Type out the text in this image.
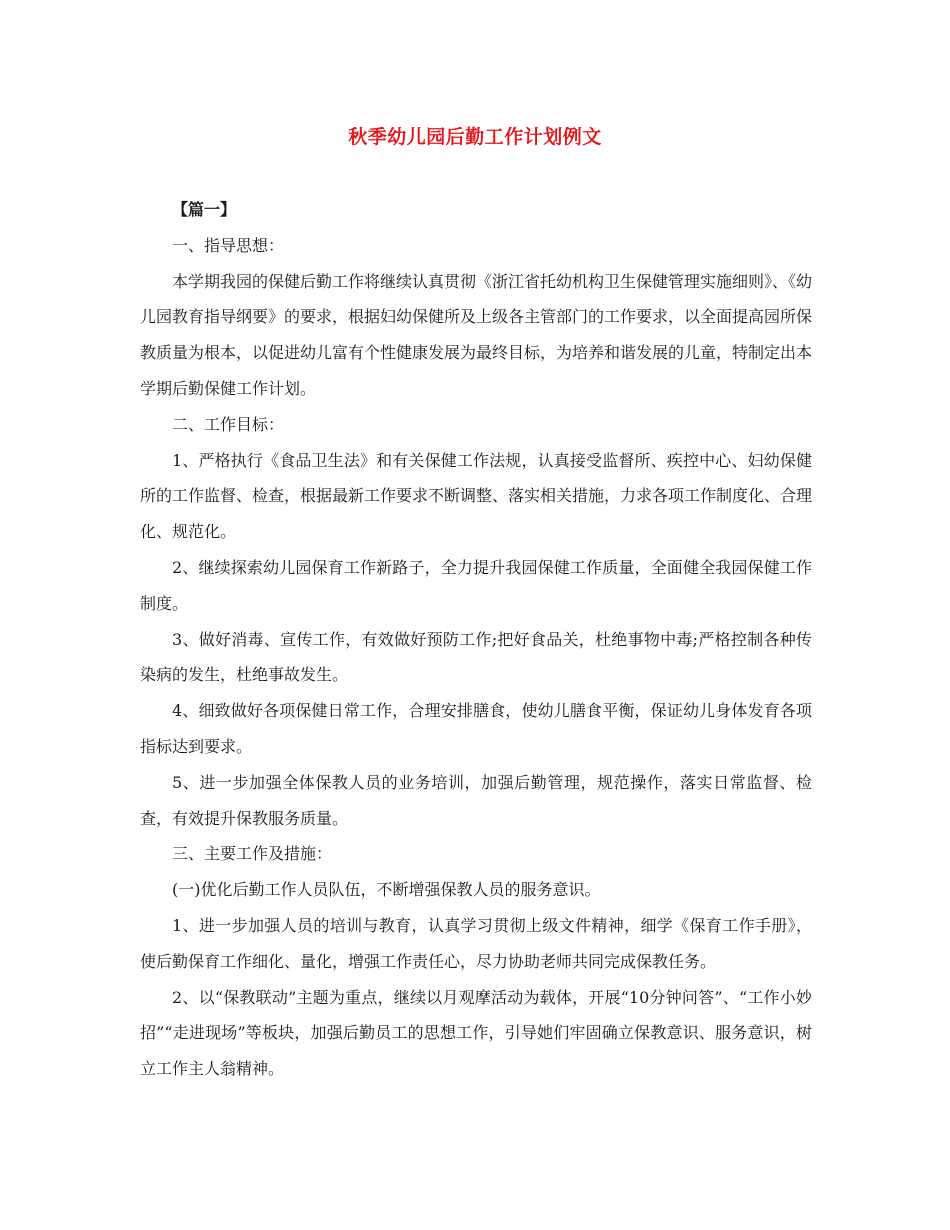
秋季幼儿园后勤工作计划例文

【篇一】

一、指导思想：

本学期我园的保健后勤工作将继续认真贯彻《浙江省托幼机构卫生保健管理实施细则》、《幼儿园教育指导纲要》的要求，根据妇幼保健所及上级各主管部门的工作要求，以全面提高园所保教质量为根本，以促进幼儿富有个性健康发展为最终目标，为培养和谐发展的儿童，特制定出本学期后勤保健工作计划。

二、工作目标：

1、严格执行《食品卫生法》和有关保健工作法规，认真接受监督所、疾控中心、妇幼保健所的工作监督、检查，根据最新工作要求不断调整、落实相关措施，力求各项工作制度化、合理化、规范化。

2、继续探索幼儿园保育工作新路子，全力提升我园保健工作质量，全面健全我园保健工作制度。

3、做好消毒、宣传工作，有效做好预防工作;把好食品关，杜绝事物中毒;严格控制各种传染病的发生，杜绝事故发生。

4、细致做好各项保健日常工作，合理安排膳食，使幼儿膳食平衡，保证幼儿身体发育各项指标达到要求。

5、进一步加强全体保教人员的业务培训，加强后勤管理，规范操作，落实日常监督、检查，有效提升保教服务质量。

三、主要工作及措施：

(一)优化后勤工作人员队伍，不断增强保教人员的服务意识。

1、进一步加强人员的培训与教育，认真学习贯彻上级文件精神，细学《保育工作手册》，使后勤保育工作细化、量化，增强工作责任心，尽力协助老师共同完成保教任务。

2、以“保教联动”主题为重点，继续以月观摩活动为载体，开展“10分钟问答”、“工作小妙招”“走进现场”等板块，加强后勤员工的思想工作，引导她们牢固确立保教意识、服务意识，树立工作主人翁精神。
